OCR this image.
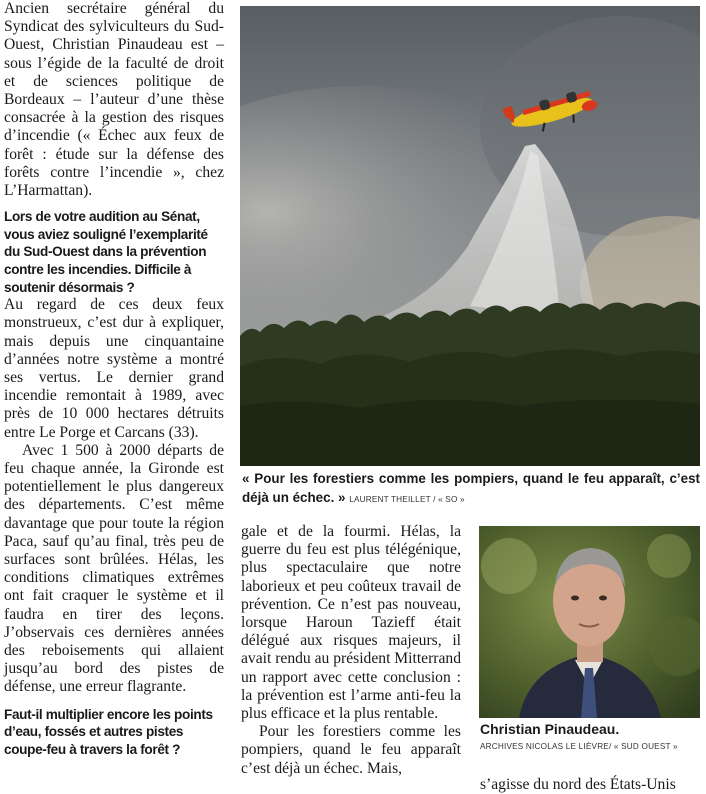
Ancien secrétaire général du Syndicat des sylviculteurs du Sud-Ouest, Christian Pinaudeau est – sous l’égide de la faculté de droit et de sciences politique de Bordeaux – l’auteur d’une thèse consacrée à la gestion des risques d’incendie (« Échec aux feux de forêt : étude sur la défense des forêts contre l’incendie », chez L’Harmattan).

Lors de votre audition au Sénat, vous aviez souligné l’exemplarité du Sud-Ouest dans la prévention contre les incendies. Difficile à soutenir désormais ?

Au regard de ces deux feux monstrueux, c’est dur à expliquer, mais depuis une cinquantaine d’années notre système a montré ses vertus. Le dernier grand incendie remontait à 1989, avec près de 10 000 hectares détruits entre Le Porge et Carcans (33).

Avec 1 500 à 2000 départs de feu chaque année, la Gironde est potentiellement le plus dangereux des départements. C’est même davantage que pour toute la région Paca, sauf qu’au final, très peu de surfaces sont brûlées. Hélas, les conditions climatiques extrêmes ont fait craquer le système et il faudra en tirer des leçons. J’observais ces dernières années des reboisements qui allaient jusqu’au bord des pistes de défense, une erreur flagrante.

Faut-il multiplier encore les points d’eau, fossés et autres pistes coupe-feu à travers la forêt ?

« Pour les forestiers comme les pompiers, quand le feu apparaît, c’est déjà un échec. » LAURENT THEILLET / « SO »

gale et de la fourmi. Hélas, la guerre du feu est plus télégénique, plus spectaculaire que notre laborieux et peu coûteux travail de prévention. Ce n’est pas nouveau, lorsque Haroun Tazieff était délégué aux risques majeurs, il avait rendu au président Mitterrand un rapport avec cette conclusion : la prévention est l’arme anti-feu la plus efficace et la plus rentable.

Pour les forestiers comme les pompiers, quand le feu apparaît c’est déjà un échec. Mais,

Christian Pinaudeau.
ARCHIVES NICOLAS LE LIÈVRE/ « SUD OUEST »
s’agisse du nord des États-Unis
